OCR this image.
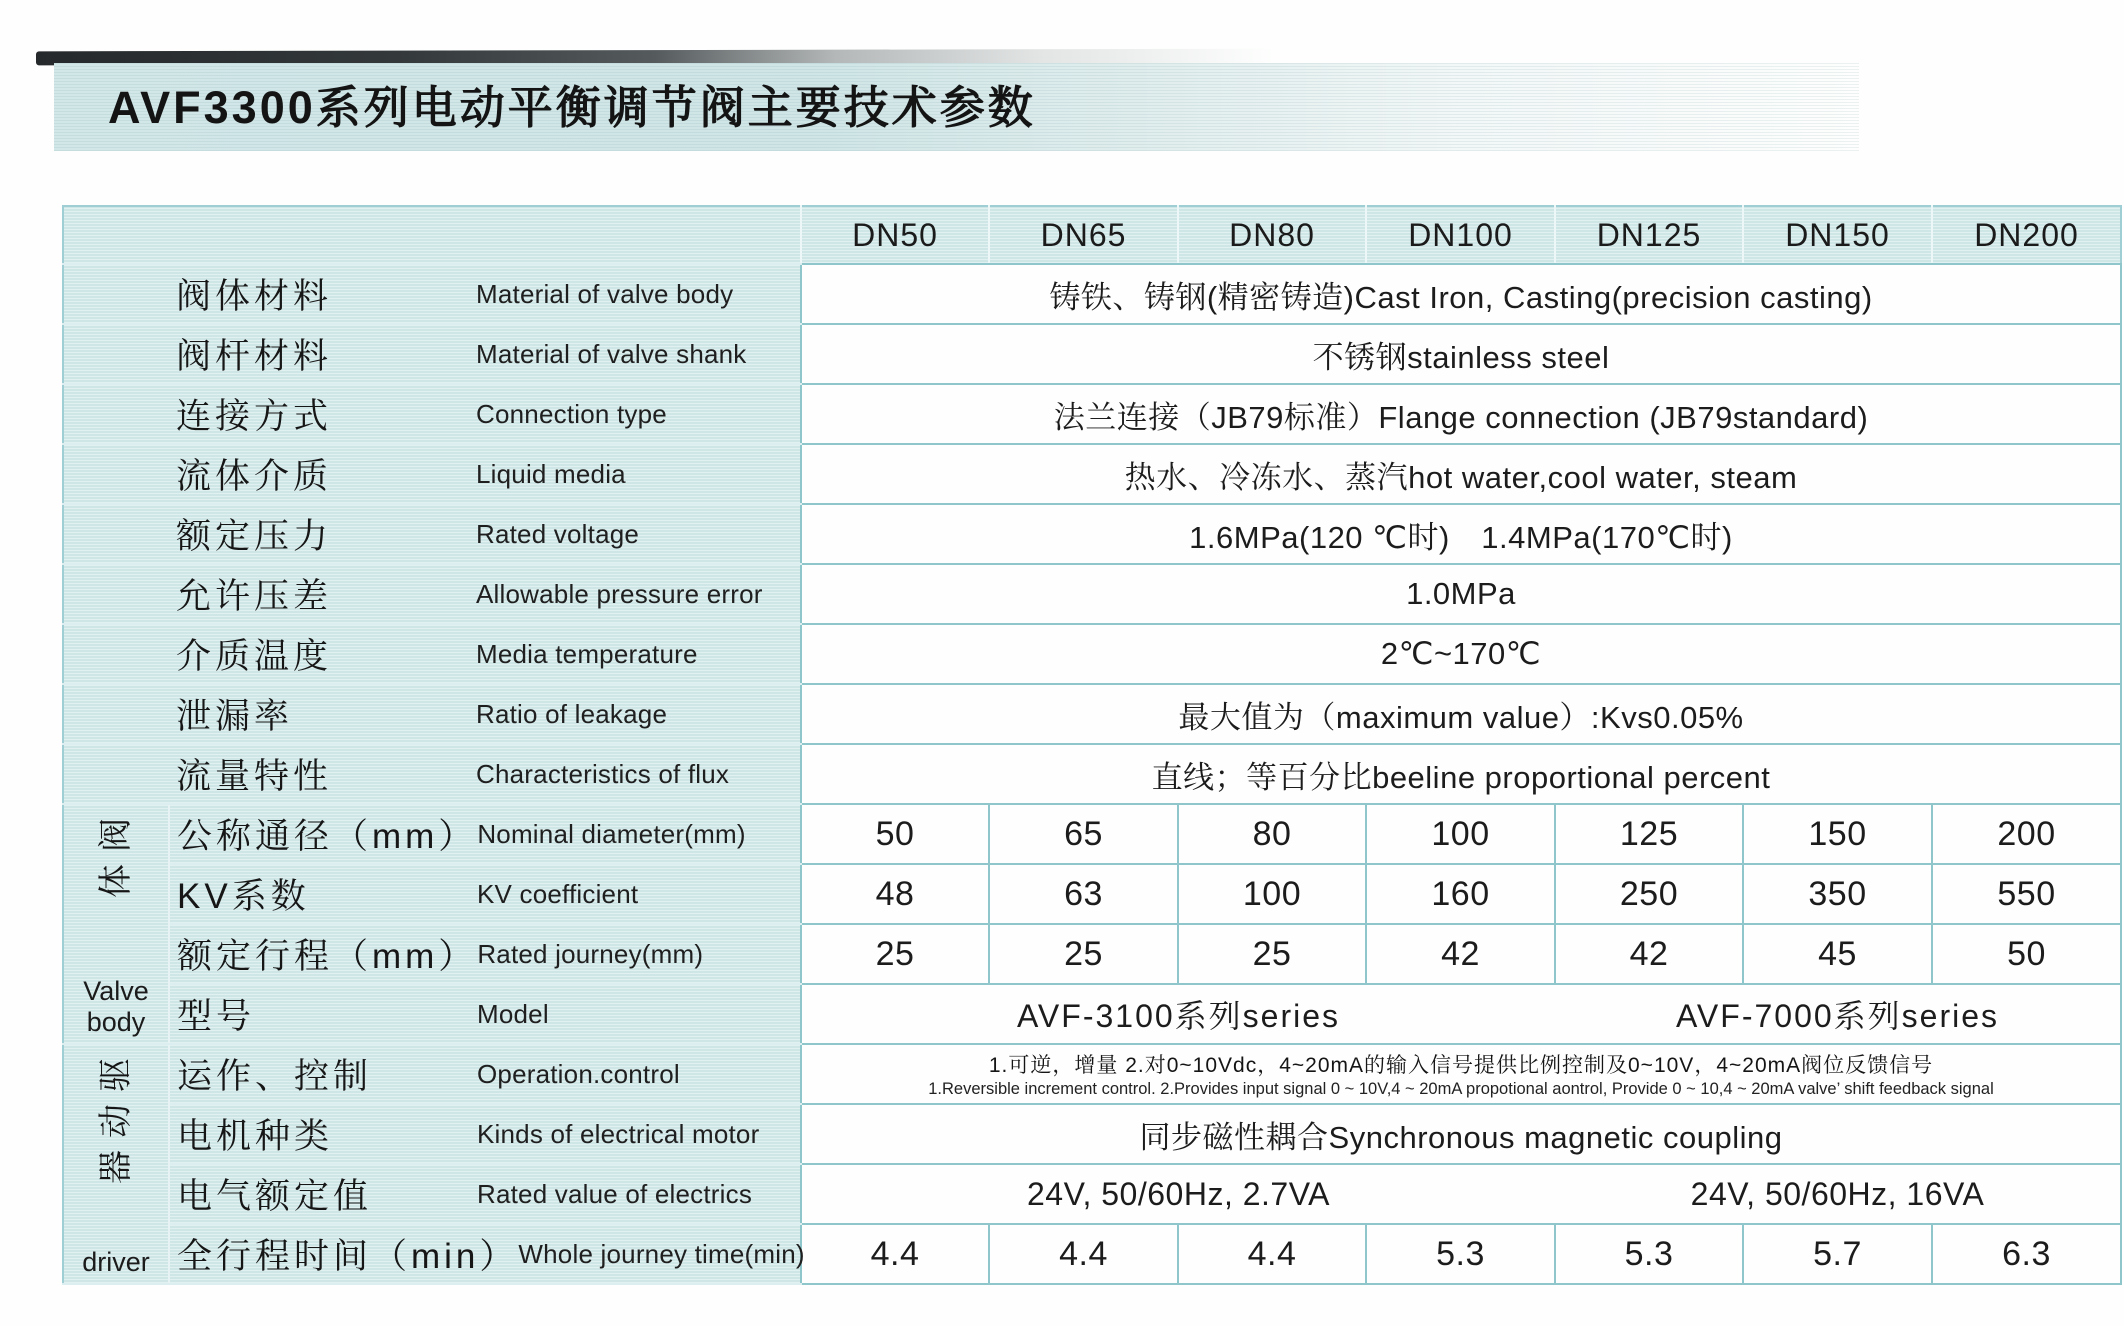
AVF3300系列电动平衡调节阀主要技术参数
		DN50	DN65	DN80	DN100	DN125	DN150	DN200

阀体材料 Material of valve body		铸铁、铸钢(精密铸造)Cast Iron, Casting(precision casting)						

阀杆材料 Material of valve shank		不锈钢stainless steel						

连接方式 Connection type		法兰连接（JB79标准）Flange connection (JB79standard)						

流体介质 Liquid media		热水、冷冻水、蒸汽hot water,cool water, steam						

额定压力 Rated voltage		1.6MPa(120 ℃时)　1.4MPa(170℃时)						

允许压差 Allowable pressure error		1.0MPa						

介质温度 Media temperature		2℃~170℃						

泄漏率 Ratio of leakage		最大值为（maximum value）:Kvs0.05%						

流量特性 Characteristics of flux		直线；等百分比beeline proportional percent						

阀
体
Valve body

公称通径（mm） Nominal diameter(mm)	50	65	80	100	125	150	200

	KV系数 KV coefficient	48	63	100	160	250	350	550

	额定行程（mm） Rated journey(mm)	25	25	25	42	42	45	50

	型号 Model	AVF-3100系列series				AVF-7000系列series		

驱
动
器
driver

运作、控制	Operation.control	1.可逆，增量 2.对0~10Vdc，4~20mA的输入信号提供比例控制及0~10V，4~20mA阀位反馈信号
1.Reversible increment control. 2.Provides input signal 0 ~ 10V,4 ~ 20mA propotional aontrol, Provide 0 ~ 10,4 ~ 20mA valve’ shift feedback signal

	电机种类 Kinds of electrical motor	同步磁性耦合Synchronous magnetic coupling						

	电气额定值 Rated value of electrics	24V, 50/60Hz, 2.7VA				24V, 50/60Hz, 16VA		

	全行程时间（min） Whole journey time(min)	4.4	4.4	4.4	5.3	5.3	5.7	6.3
